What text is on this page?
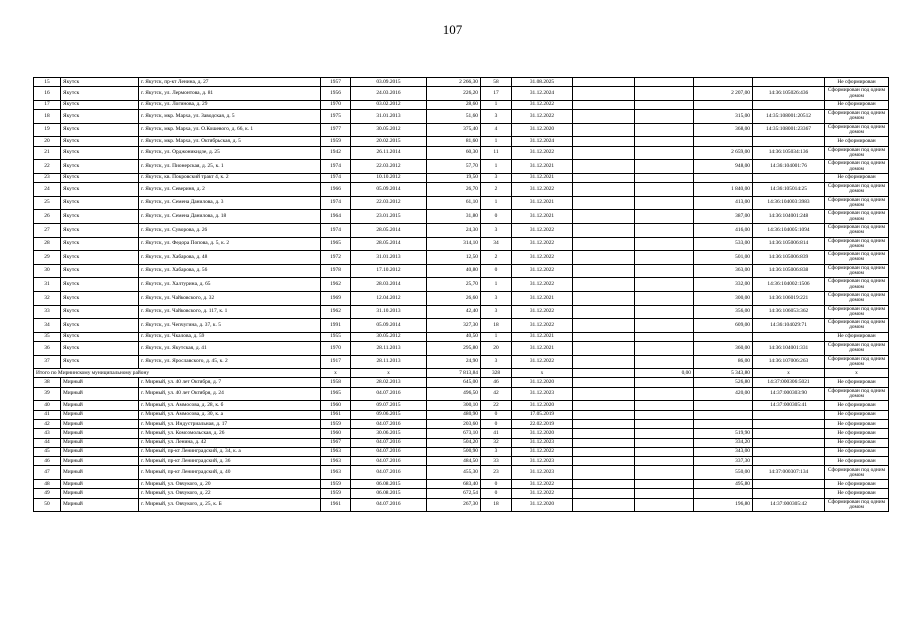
107
15	Якутск	г. Якутск, пр-кт Ленина, д. 27	1957	03.09.2015	2 266,30	58	31.08.2025					Не сформирован
16	Якутск	г. Якутск, ул. Лермонтова, д. 81	1956	24.03.2016	226,20	17	31.12.2024			2 207,00	14:36:105026:436	Сформирован под одним домом
17	Якутск	г. Якутск, ул. Логинова, д. 29	1970	03.02.2012	28,60	1	31.12.2022					Не сформирован
18	Якутск	г. Якутск, мкр. Марха, ул. Заводская, д. 5	1975	31.01.2013	51,60	3	31.12.2022			315,00	14:35:108001:20512	Сформирован под одним домом
19	Якутск	г. Якутск, мкр. Марха, ул. О.Кошевого, д. 66, к. 1	1977	30.05.2012	375,40	4	31.12.2020			368,00	14:35:108001:23367	Сформирован под одним домом
20	Якутск	г. Якутск, мкр. Марха, ул. Октябрьская, д. 5	1959	20.02.2015	81,60	1	31.12.2024					Не сформирован
21	Якутск	г. Якутск, ул. Орджоникидзе, д. 25	1942	26.11.2014	60,30	11	31.12.2022			2 659,00	14:36:105034:136	Сформирован под одним домом
22	Якутск	г. Якутск, ул. Пионерская, д. 25, к. 1	1974	22.03.2012	57,70	1	31.12.2021			948,00	14:36:104001:76	Сформирован под одним домом
23	Якутск	г. Якутск, кв. Покровский тракт 4, к. 2	1974	10.10.2012	19,50	3	31.12.2021					Не сформирован
24	Якутск	г. Якутск, ул. Севериня, д. 2	1966	05.09.2014	26,70	2	31.12.2022			1 840,00	14:36:105014:25	Сформирован под одним домом
25	Якутск	г. Якутск, ул. Семена Данилова, д. 3	1974	22.03.2012	61,10	1	31.12.2021			413,00	14:36:104003:3983	Сформирован под одним домом
26	Якутск	г. Якутск, ул. Семена Данилова, д. 18	1964	23.01.2015	31,80	0	31.12.2021			387,00	14:36:104001:248	Сформирован под одним домом
27	Якутск	г. Якутск, ул. Суворова, д. 26	1974	28.05.2014	24,30	3	31.12.2022			416,00	14:36:104005:1094	Сформирован под одним домом
28	Якутск	г. Якутск, ул. Федора Попова, д. 5, к. 2	1965	28.05.2014	314,10	34	31.12.2022			533,00	14:36:105006:814	Сформирован под одним домом
29	Якутск	г. Якутск, ул. Хабарова, д. 48	1972	31.01.2013	12,50	2	31.12.2022			501,00	14:36:105006:839	Сформирован под одним домом
30	Якутск	г. Якутск, ул. Хабарова, д. 56	1978	17.10.2012	40,80	0	31.12.2022			363,00	14:36:105006:838	Сформирован под одним домом
31	Якутск	г. Якутск, ул. Халтурина, д. 65	1962	28.03.2014	25,70	1	31.12.2022			332,00	14:36:104002:1506	Сформирован под одним домом
32	Якутск	г. Якутск, ул. Чайковского, д. 32	1969	12.04.2012	26,60	3	31.12.2021			300,00	14:36:106019:221	Сформирован под одним домом
33	Якутск	г. Якутск, ул. Чайковского, д. 117, к. 1	1962	31.10.2013	42,40	3	31.12.2022			356,00	14:36:106053:362	Сформирован под одним домом
34	Якутск	г. Якутск, ул. Чепчугина, д. 37, к. 5	1991	05.09.2014	327,30	18	31.12.2022			609,00	14:36:104029:71	Сформирован под одним домом
35	Якутск	г. Якутск, ул. Чкалова, д. 59	1955	30.05.2012	40,50	1	31.12.2021					Не сформирован
36	Якутск	г. Якутск, ул. Якутская, д. 41	1970	28.11.2013	295,80	20	31.12.2021			360,00	14:36:104001:331	Сформирован под одним домом
37	Якутск	г. Якутск, ул. Ярославского, д. 45, к. 2	1917	28.11.2013	24,90	3	31.12.2022			86,00	14:36:107006:263	Сформирован под одним домом
Итого по Мирнинскому муниципальному району			x	x	7 813,84	328	x		0,00	5 343,80	x	x
38	Мирный	г. Мирный, ул. 40 лет Октября, д. 7	1958	28.02.2013	645,00	46	31.12.2020			526,80	14:37:000306:5021	Не сформирован
39	Мирный	г. Мирный, ул. 40 лет Октября, д. 24	1965	04.07.2016	496,50	42	31.12.2023			420,00	14:37:000303:90	Сформирован под одним домом
40	Мирный	г. Мирный, ул. Аммосова, д. 28, к. б	1960	09.07.2015	300,10	22	31.12.2020				14:37:000305:41	Не сформирован
41	Мирный	г. Мирный, ул. Аммосова, д. 30, к. а	1961	09.06.2015	480,90	0	17.05.2019					Не сформирован
42	Мирный	г. Мирный, ул. Индустриальная, д. 17	1959	04.07.2016	203,60	0	22.02.2019					Не сформирован
43	Мирный	г. Мирный, ул. Комсомольская, д. 26	1960	30.06.2015	673,10	41	31.12.2020			519,90		Не сформирован
44	Мирный	г. Мирный, ул. Ленина, д. 42	1967	04.07.2016	504,20	32	31.12.2023			334,20		Не сформирован
45	Мирный	г. Мирный, пр-кт Ленинградский, д. 34, к. а	1963	04.07.2016	500,90	3	31.12.2022			343,00		Не сформирован
46	Мирный	г. Мирный, пр-кт Ленинградский, д. 36	1963	04.07.2016	484,50	33	31.12.2023			337,30		Не сформирован
47	Мирный	г. Мирный, пр-кт Ленинградский, д. 40	1963	04.07.2016	455,30	23	31.12.2023			550,00	14:37:000307:134	Сформирован под одним домом
48	Мирный	г. Мирный, ул. Овчукого, д. 20	1959	06.08.2015	683,40	0	31.12.2022			495,80		Не сформирован
49	Мирный	г. Мирный, ул. Овчукого, д. 22	1959	06.08.2015	672,54	0	31.12.2022					Не сформирован
50	Мирный	г. Мирный, ул. Овчукого, д. 25, к. Б	1961	04.07.2016	267,30	18	31.12.2020			196,80	14:37:000305:42	Сформирован под одним домом
